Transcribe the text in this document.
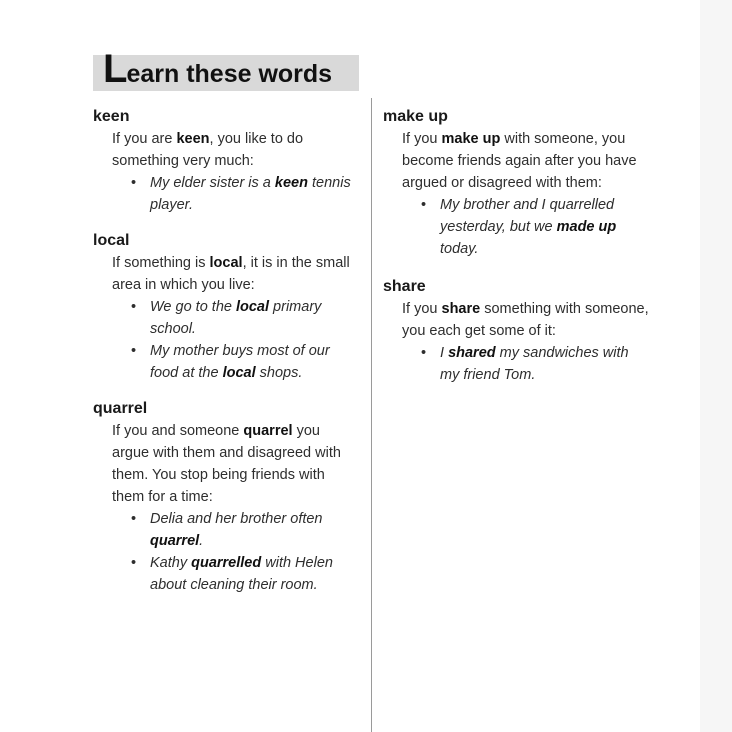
Learn these words
keen
If you are keen, you like to do something very much:
• My elder sister is a keen tennis player.
local
If something is local, it is in the small area in which you live:
• We go to the local primary school.
• My mother buys most of our food at the local shops.
quarrel
If you and someone quarrel you argue with them and disagreed with them. You stop being friends with them for a time:
• Delia and her brother often quarrel.
• Kathy quarrelled with Helen about cleaning their room.
make up
If you make up with someone, you become friends again after you have argued or disagreed with them:
• My brother and I quarrelled yesterday, but we made up today.
share
If you share something with someone, you each get some of it:
• I shared my sandwiches with my friend Tom.
